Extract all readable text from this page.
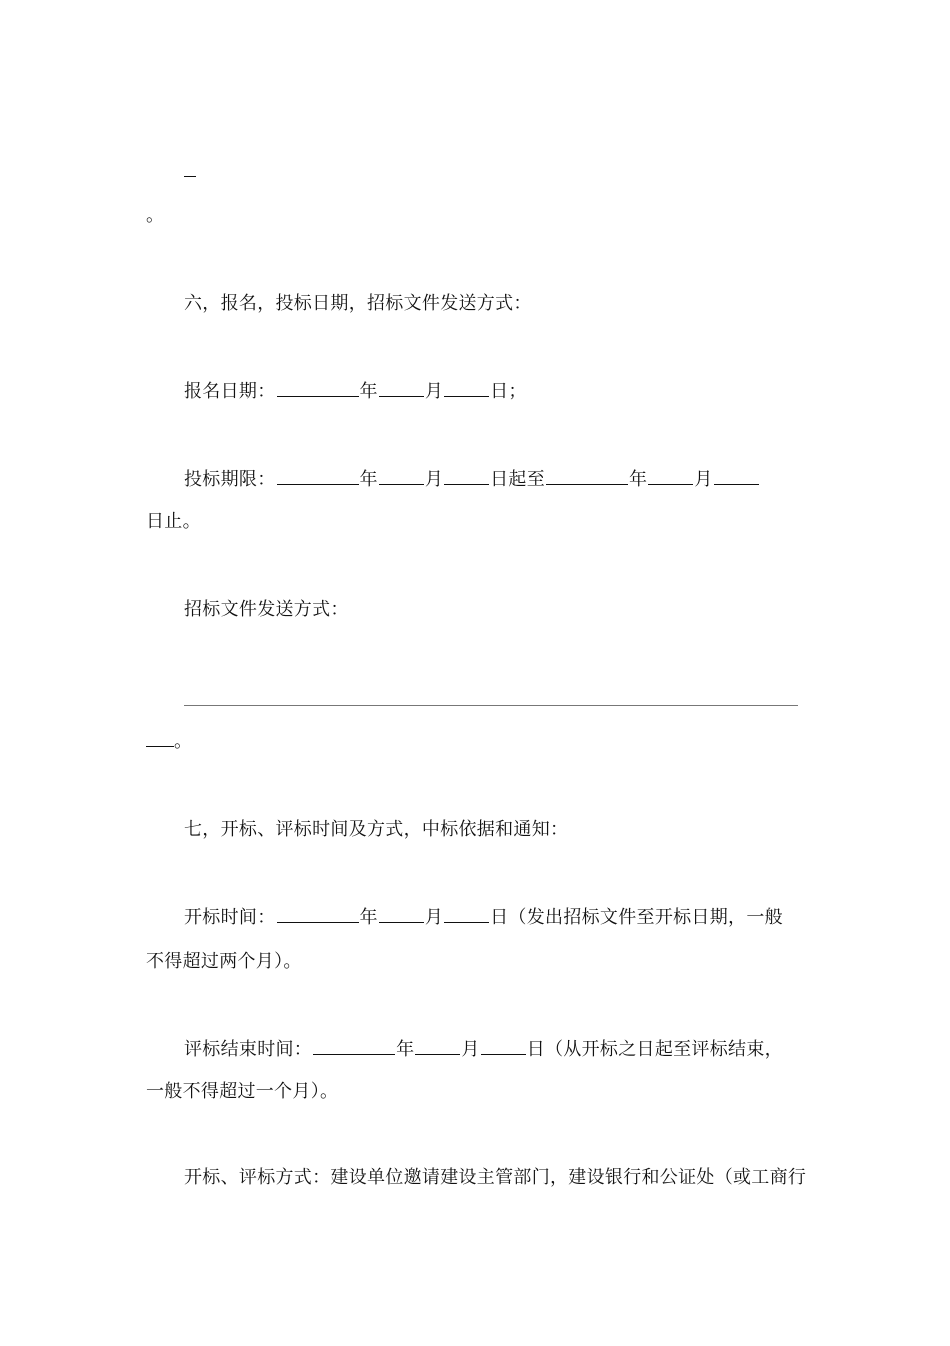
。
六，报名，投标日期，招标文件发送方式：
报名日期：	年	月	日；
投标期限：	年	月	日起至	年	月
日止。
招标文件发送方式：
。
七，开标、评标时间及方式，中标依据和通知：
开标时间：	年	月	日（发出招标文件至开标日期，一般
不得超过两个月）。
评标结束时间：	年	月	日（从开标之日起至评标结束，
一般不得超过一个月）。
开标、评标方式：建设单位邀请建设主管部门，建设银行和公证处（或工商行
